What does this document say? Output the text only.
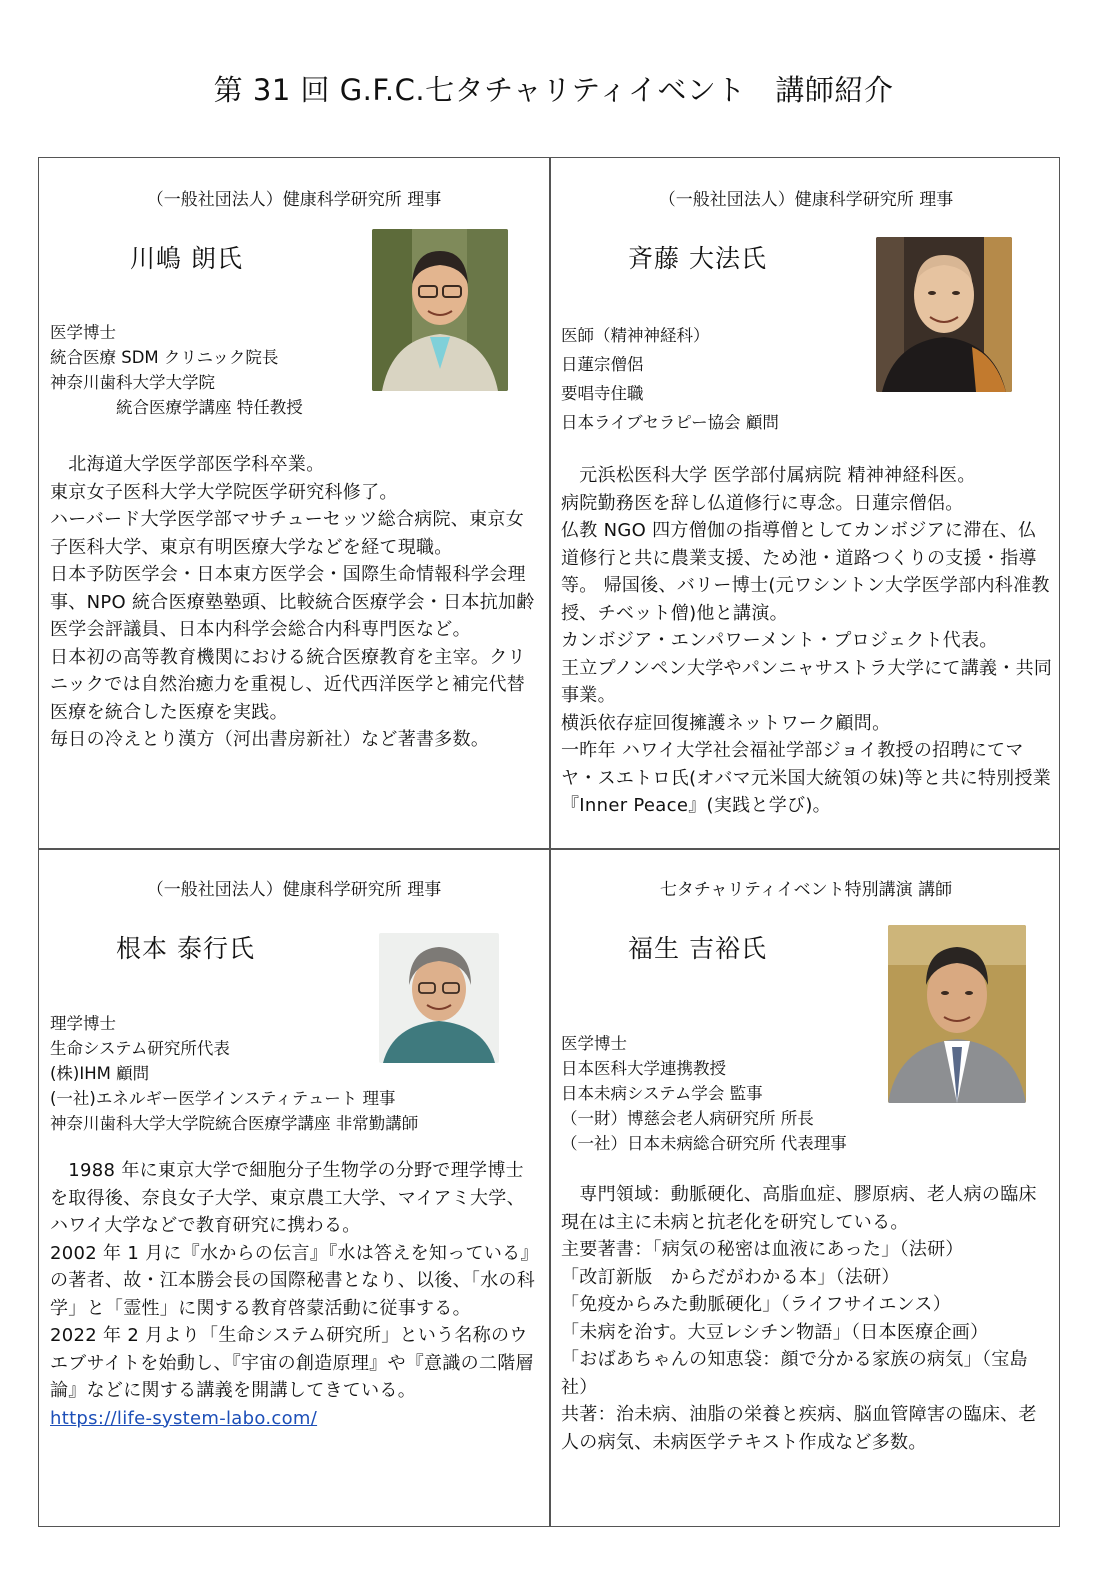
第 31 回 G.F.C.七タチャリティイベント　講師紹介
（一般社団法人）健康科学研究所 理事
川嶋 朗氏
医学博士
統合医療 SDM クリニック院長
神奈川歯科大学大学院
　　　　統合医療学講座 特任教授

　北海道大学医学部医学科卒業。

東京女子医科大学大学院医学研究科修了。

ハーバード大学医学部マサチューセッツ総合病院、東京女子医科大学、東京有明医療大学などを経て現職。

日本予防医学会・日本東方医学会・国際生命情報科学会理事、NPO 統合医療塾塾頭、比較統合医療学会・日本抗加齢医学会評議員、日本内科学会総合内科専門医など。

日本初の高等教育機関における統合医療教育を主宰。クリニックでは自然治癒力を重視し、近代西洋医学と補完代替医療を統合した医療を実践。

毎日の冷えとり漢方（河出書房新社）など著書多数。

（一般社団法人）健康科学研究所 理事
斉藤 大法氏
医師（精神神経科）
日蓮宗僧侶
要唱寺住職
日本ライブセラピー協会 顧問

　元浜松医科大学 医学部付属病院 精神神経科医。

病院勤務医を辞し仏道修行に専念。日蓮宗僧侶。

仏教 NGO 四方僧伽の指導僧としてカンボジアに滞在、仏道修行と共に農業支援、ため池・道路つくりの支援・指導等。 帰国後、バリー博士(元ワシントン大学医学部内科准教授、チベット僧)他と講演。

カンボジア・エンパワーメント・プロジェクト代表。

王立プノンペン大学やパンニャサストラ大学にて講義・共同事業。

横浜依存症回復擁護ネットワーク顧問。

一昨年 ハワイ大学社会福祉学部ジョイ教授の招聘にてマヤ・スエトロ氏(オバマ元米国大統領の妹)等と共に特別授業『Inner Peace』(実践と学び)。

（一般社団法人）健康科学研究所 理事
根本 泰行氏
理学博士
生命システム研究所代表
(株)IHM 顧問
(一社)エネルギー医学インスティテュート 理事
神奈川歯科大学大学院統合医療学講座 非常勤講師

　1988 年に東京大学で細胞分子生物学の分野で理学博士を取得後、奈良女子大学、東京農工大学、マイアミ大学、ハワイ大学などで教育研究に携わる。

2002 年 1 月に『水からの伝言』『水は答えを知っている』の著者、故・江本勝会長の国際秘書となり、以後、「水の科学」と「霊性」に関する教育啓蒙活動に従事する。

2022 年 2 月より「生命システム研究所」という名称のウエブサイトを始動し、『宇宙の創造原理』や『意識の二階層論』などに関する講義を開講してきている。

https://life-system-labo.com/

七タチャリティイベント特別講演 講師
福生 吉裕氏
医学博士
日本医科大学連携教授
日本未病システム学会 監事
（一財）博慈会老人病研究所 所長
（一社）日本未病総合研究所 代表理事

　専門領域：動脈硬化、高脂血症、膠原病、老人病の臨床　現在は主に未病と抗老化を研究している。

主要著書：「病気の秘密は血液にあった」（法研）

「改訂新版　からだがわかる本」（法研）

「免疫からみた動脈硬化」（ライフサイエンス）

「未病を治す。大豆レシチン物語」（日本医療企画）

「おばあちゃんの知恵袋：顔で分かる家族の病気」（宝島社）

共著：治未病、油脂の栄養と疾病、脳血管障害の臨床、老人の病気、未病医学テキスト作成など多数。
